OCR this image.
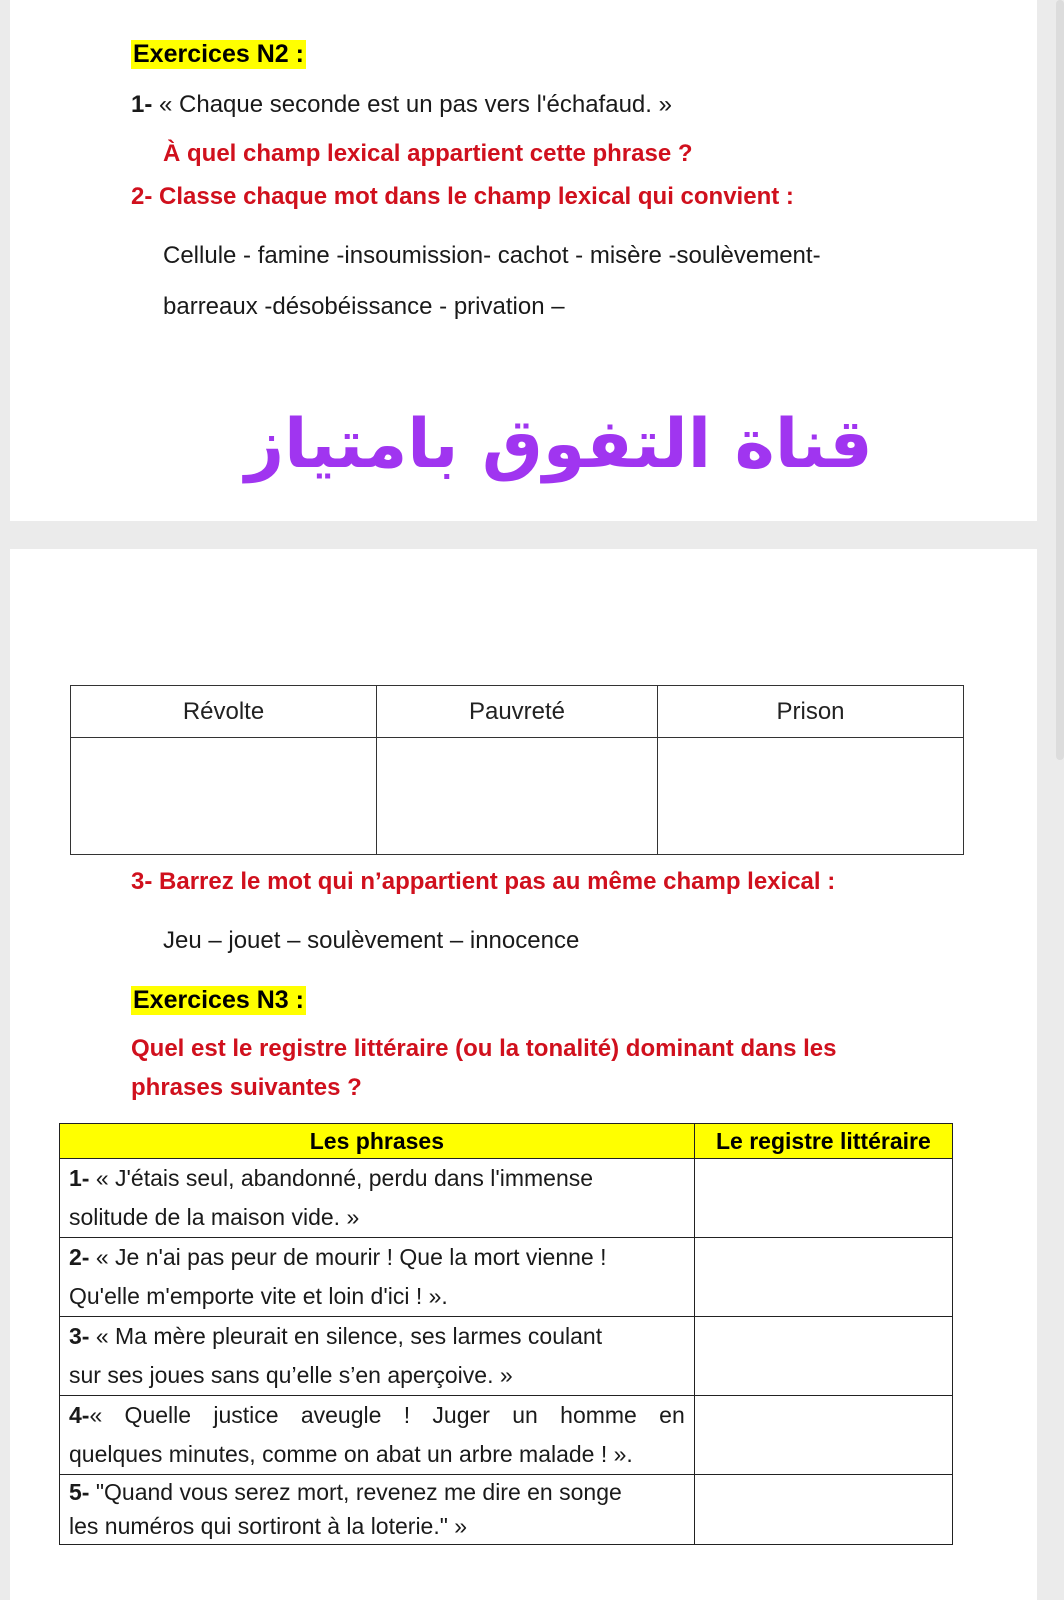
Exercices N2 :
1- « Chaque seconde est un pas vers l'échafaud. »
À quel champ lexical appartient cette phrase ?
2- Classe chaque mot dans le champ lexical qui convient :
Cellule - famine -insoumission- cachot - misère -soulèvement-
barreaux -désobéissance - privation –
قناة التفوق بامتياز
Révolte	Pauvreté	Prison

3- Barrez le mot qui n’appartient pas au même champ lexical :
Jeu – jouet – soulèvement – innocence
Exercices N3 :
Quel est le registre littéraire (ou la tonalité) dominant dans les
phrases suivantes ?
Les phrases	Le registre littéraire
1- « J'étais seul, abandonné, perdu dans l'immense
solitude de la maison vide. »	
2- « Je n'ai pas peur de mourir ! Que la mort vienne !
Qu'elle m'emporte vite et loin d'ici ! ».	
3- « Ma mère pleurait en silence, ses larmes coulant
sur ses joues sans qu’elle s’en aperçoive. »	

4-« Quelle justice aveugle ! Juger un homme en
quelques minutes, comme on abat un arbre malade ! ».	
5- "Quand vous serez mort, revenez me dire en songe
les numéros qui sortiront à la loterie." »	
